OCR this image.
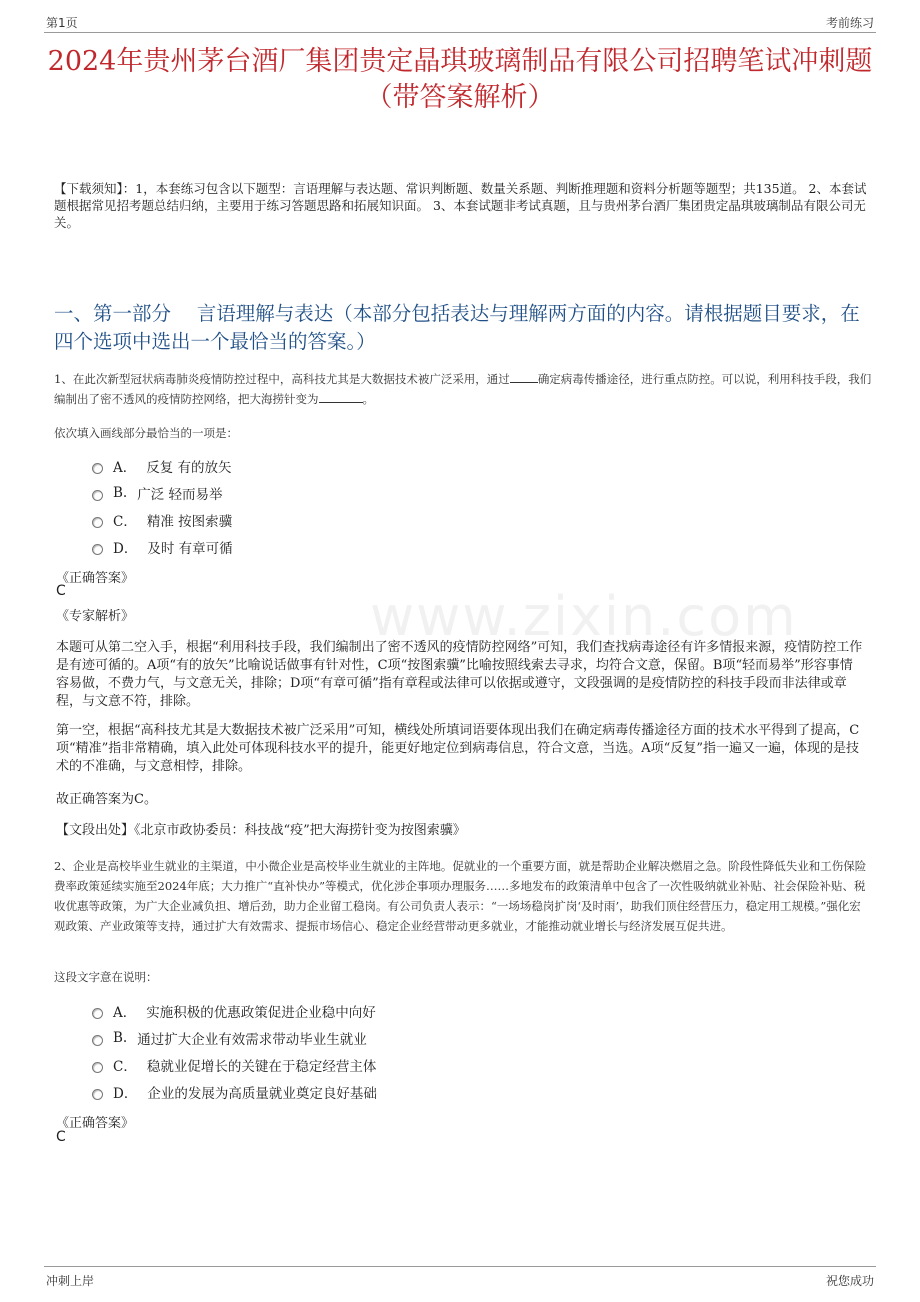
第1页	考前练习
2024年贵州茅台酒厂集团贵定晶琪玻璃制品有限公司招聘笔试冲刺题（带答案解析）
【下载须知】：1，本套练习包含以下题型：言语理解与表达题、常识判断题、数量关系题、判断推理题和资料分析题等题型；共135道。 2、本套试题根据常见招考题总结归纳，主要用于练习答题思路和拓展知识面。 3、本套试题非考试真题，且与贵州茅台酒厂集团贵定晶琪玻璃制品有限公司无关。
一、第一部分　 言语理解与表达（本部分包括表达与理解两方面的内容。请根据题目要求，在四个选项中选出一个最恰当的答案。）
1、在此次新型冠状病毒肺炎疫情防控过程中，高科技尤其是大数据技术被广泛采用，通过 确定病毒传播途径，进行重点防控。可以说，利用科技手段，我们编制出了密不透风的疫情防控网络，把大海捞针变为	。
依次填入画线部分最恰当的一项是：
A． 反复 有的放矢
B. 广泛 轻而易举
C． 精准 按图索骥
D． 及时 有章可循
《正确答案》
C
《专家解析》	www.zixin.com
本题可从第二空入手，根据“利用科技手段，我们编制出了密不透风的疫情防控网络”可知，我们查找病毒途径有许多情报来源，疫情防控工作是有迹可循的。A项“有的放矢”比喻说话做事有针对性，C项“按图索骥”比喻按照线索去寻求，均符合文意，保留。B项“轻而易举”形容事情容易做，不费力气，与文意无关，排除；D项“有章可循”指有章程或法律可以依据或遵守，文段强调的是疫情防控的科技手段而非法律或章程，与文意不符，排除。
第一空，根据“高科技尤其是大数据技术被广泛采用”可知，横线处所填词语要体现出我们在确定病毒传播途径方面的技术水平得到了提高，C项“精准”指非常精确，填入此处可体现科技水平的提升，能更好地定位到病毒信息，符合文意，当选。A项“反复”指一遍又一遍，体现的是技术的不准确，与文意相悖，排除。
故正确答案为C。
【文段出处】《北京市政协委员：科技战“疫”把大海捞针变为按图索骥》
2、企业是高校毕业生就业的主渠道，中小微企业是高校毕业生就业的主阵地。促就业的一个重要方面，就是帮助企业解决燃眉之急。阶段性降低失业和工伤保险费率政策延续实施至2024年底；大力推广“直补快办”等模式，优化涉企事项办理服务……多地发布的政策清单中包含了一次性吸纳就业补贴、社会保险补贴、税收优惠等政策，为广大企业减负担、增后劲，助力企业留工稳岗。有公司负责人表示：“一场场稳岗扩岗‘及时雨’，助我们顶住经营压力，稳定用工规模。”强化宏观政策、产业政策等支持，通过扩大有效需求、提振市场信心、稳定企业经营带动更多就业，才能推动就业增长与经济发展互促共进。
这段文字意在说明：
A． 实施积极的优惠政策促进企业稳中向好
B. 通过扩大企业有效需求带动毕业生就业
C． 稳就业促增长的关键在于稳定经营主体
D． 企业的发展为高质量就业奠定良好基础
《正确答案》
C
冲刺上岸	祝您成功
